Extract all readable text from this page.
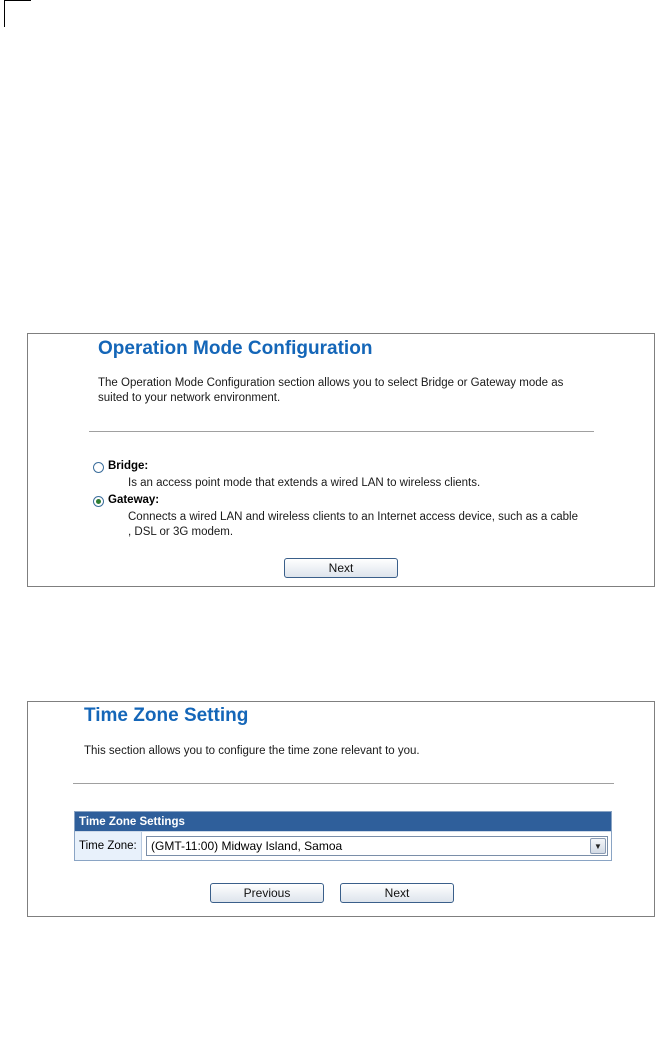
Operation Mode Configuration
The Operation Mode Configuration section allows you to select Bridge or Gateway mode as suited to your network environment.
Bridge:
Is an access point mode that extends a wired LAN to wireless clients.
Gateway:
Connects a wired LAN and wireless clients to an Internet access device, such as a cable , DSL or 3G modem.
Next
Time Zone Setting
This section allows you to configure the time zone relevant to you.
Time Zone Settings
Time Zone:	(GMT-11:00) Midway Island, Samoa	▼
Previous	Next
